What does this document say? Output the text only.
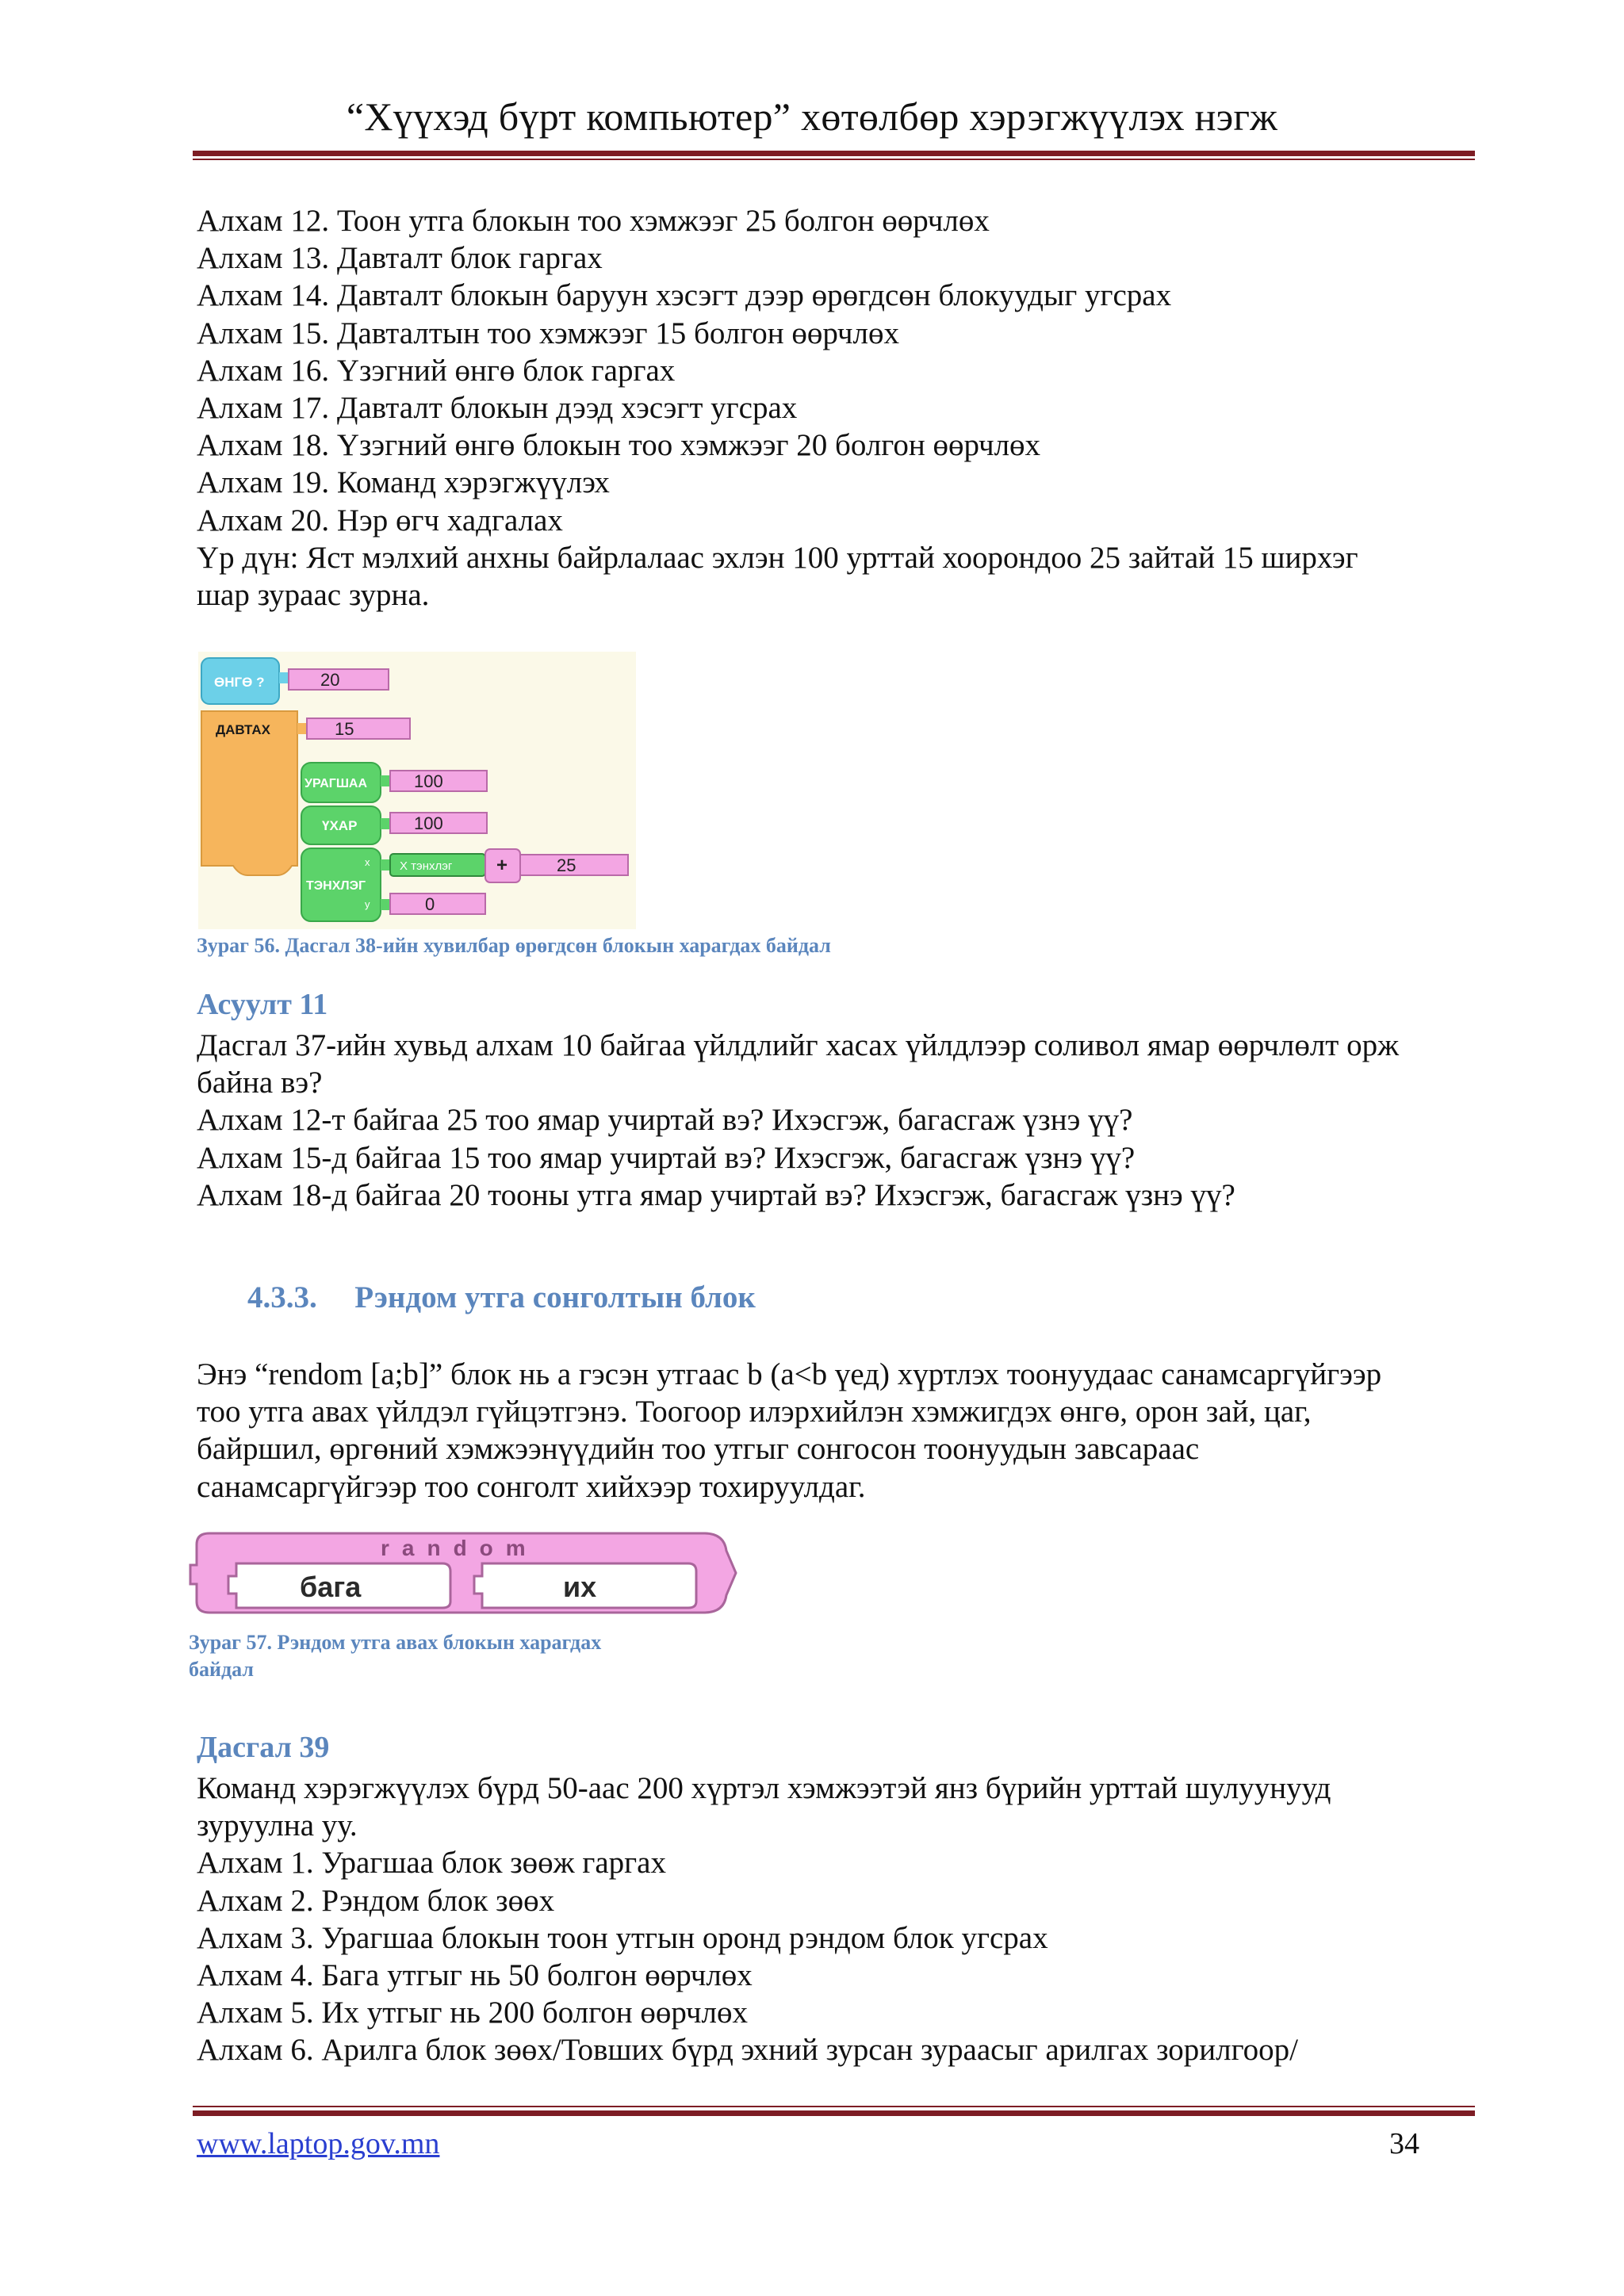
“Хүүхэд бүрт компьютер” хөтөлбөр хэрэгжүүлэх нэгж
Алхам 12. Тоон утга блокын тоо хэмжээг 25 болгон өөрчлөх
Алхам 13. Давталт блок гаргах
Алхам 14. Давталт блокын баруун хэсэгт дээр өрөгдсөн блокуудыг угсрах
Алхам 15. Давталтын тоо хэмжээг 15 болгон өөрчлөх
Алхам 16. Үзэгний өнгө блок гаргах
Алхам 17. Давталт блокын дээд хэсэгт угсрах
Алхам 18. Үзэгний өнгө блокын тоо хэмжээг 20 болгон өөрчлөх
Алхам 19. Команд хэрэгжүүлэх
Алхам 20. Нэр өгч хадгалах
Үр дүн: Яст мэлхий анхны байрлалаас эхлэн 100 урттай хоорондоо 25 зайтай 15 ширхэг
шар зураас зурна.
ДАВТАХ
ӨНГӨ ?	20
15
УРАГШАА	100
ҮХАР	100
ТЭНХЛЭГ
x
y
X тэнхлэг +	25
0
Зураг 56. Дасгал 38-ийн хувилбар өрөгдсөн блокын харагдах байдал
Асуулт 11
Дасгал 37-ийн хувьд алхам 10 байгаа үйлдлийг хасах үйлдлээр соливол ямар өөрчлөлт орж
байна вэ?
Алхам 12-т байгаа 25 тоо ямар учиртай вэ? Ихэсгэж, багасгаж үзнэ үү?
Алхам 15-д байгаа 15 тоо ямар учиртай вэ? Ихэсгэж, багасгаж үзнэ үү?
Алхам 18-д байгаа 20 тооны утга ямар учиртай вэ? Ихэсгэж, багасгаж үзнэ үү?
4.3.3. Рэндом утга сонголтын блок
Энэ “rendom [a;b]” блок нь a гэсэн утгаас b (a<b үед) хүртлэх тоонуудаас санамсаргүйгээр
тоо утга авах үйлдэл гүйцэтгэнэ. Тоогоор илэрхийлэн хэмжигдэх өнгө, орон зай, цаг,
байршил, өргөний хэмжээнүүдийн тоо утгыг сонгосон тоонуудын завсараас
санамсаргүйгээр тоо сонголт хийхээр тохируулдаг.
random
бага	их
Зураг 57. Рэндом утга авах блокын харагдах
байдал
Дасгал 39
Команд хэрэгжүүлэх бүрд 50-аас 200 хүртэл хэмжээтэй янз бүрийн урттай шулуунууд
зуруулна уу.
Алхам 1. Урагшаа блок зөөж гаргах
Алхам 2. Рэндом блок зөөх
Алхам 3. Урагшаа блокын тоон утгын оронд рэндом блок угсрах
Алхам 4. Бага утгыг нь 50 болгон өөрчлөх
Алхам 5. Их утгыг нь 200 болгон өөрчлөх
Алхам 6. Арилга блок зөөх/Товших бүрд эхний зурсан зураасыг арилгах зорилгоор/
www.laptop.gov.mn	34
